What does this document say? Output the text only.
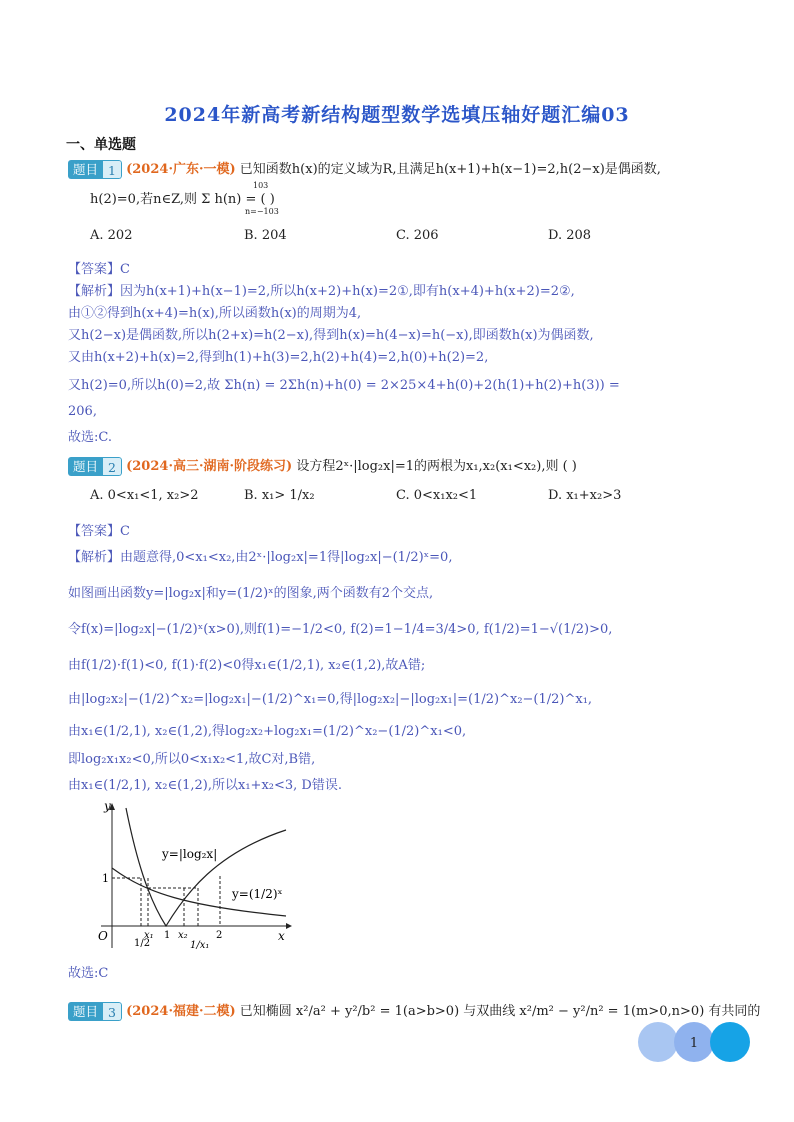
2024年新高考新结构题型数学选填压轴好题汇编03
一、单选题
题目 1 (2024·广东·一模) 已知函数h(x)的定义域为R,且满足h(x+1)+h(x−1)=2,h(2−x)是偶函数,
h(2)=0,若n∈Z,则 Σ h(n) = ( )
103
n=−103
A. 202	B. 204	C. 206	D. 208
【答案】C
【解析】因为h(x+1)+h(x−1)=2,所以h(x+2)+h(x)=2①,即有h(x+4)+h(x+2)=2②,
由①②得到h(x+4)=h(x),所以函数h(x)的周期为4,
又h(2−x)是偶函数,所以h(2+x)=h(2−x),得到h(x)=h(4−x)=h(−x),即函数h(x)为偶函数,
又由h(x+2)+h(x)=2,得到h(1)+h(3)=2,h(2)+h(4)=2,h(0)+h(2)=2,
又h(2)=0,所以h(0)=2,故 Σh(n) = 2Σh(n)+h(0) = 2×25×4+h(0)+2(h(1)+h(2)+h(3)) =
206,
故选:C.
题目 2 (2024·高三·湖南·阶段练习) 设方程2ˣ·|log₂x|=1的两根为x₁,x₂(x₁<x₂),则 ( )
A. 0<x₁<1, x₂>2	B. x₁> 1/x₂	C. 0<x₁x₂<1	D. x₁+x₂>3
【答案】C
【解析】由题意得,0<x₁<x₂,由2ˣ·|log₂x|=1得|log₂x|−(1/2)ˣ=0,
如图画出函数y=|log₂x|和y=(1/2)ˣ的图象,两个函数有2个交点,
令f(x)=|log₂x|−(1/2)ˣ(x>0),则f(1)=−1/2<0, f(2)=1−1/4=3/4>0, f(1/2)=1−√(1/2)>0,
由f(1/2)·f(1)<0, f(1)·f(2)<0得x₁∈(1/2,1), x₂∈(1,2),故A错;
由|log₂x₂|−(1/2)^x₂=|log₂x₁|−(1/2)^x₁=0,得|log₂x₂|−|log₂x₁|=(1/2)^x₂−(1/2)^x₁,
由x₁∈(1/2,1), x₂∈(1,2),得log₂x₂+log₂x₁=(1/2)^x₂−(1/2)^x₁<0,
即log₂x₁x₂<0,所以0<x₁x₂<1,故C对,B错,
由x₁∈(1/2,1), x₂∈(1,2),所以x₁+x₂<3, D错误.
y=|log₂x|
y=(1/2)ˣ
y
x
O
1
1/2
x₁ 1 x₂
1/x₁
2
故选:C
题目 3 (2024·福建·二模) 已知椭圆 x²/a² + y²/b² = 1(a>b>0) 与双曲线 x²/m² − y²/n² = 1(m>0,n>0) 有共同的
1
